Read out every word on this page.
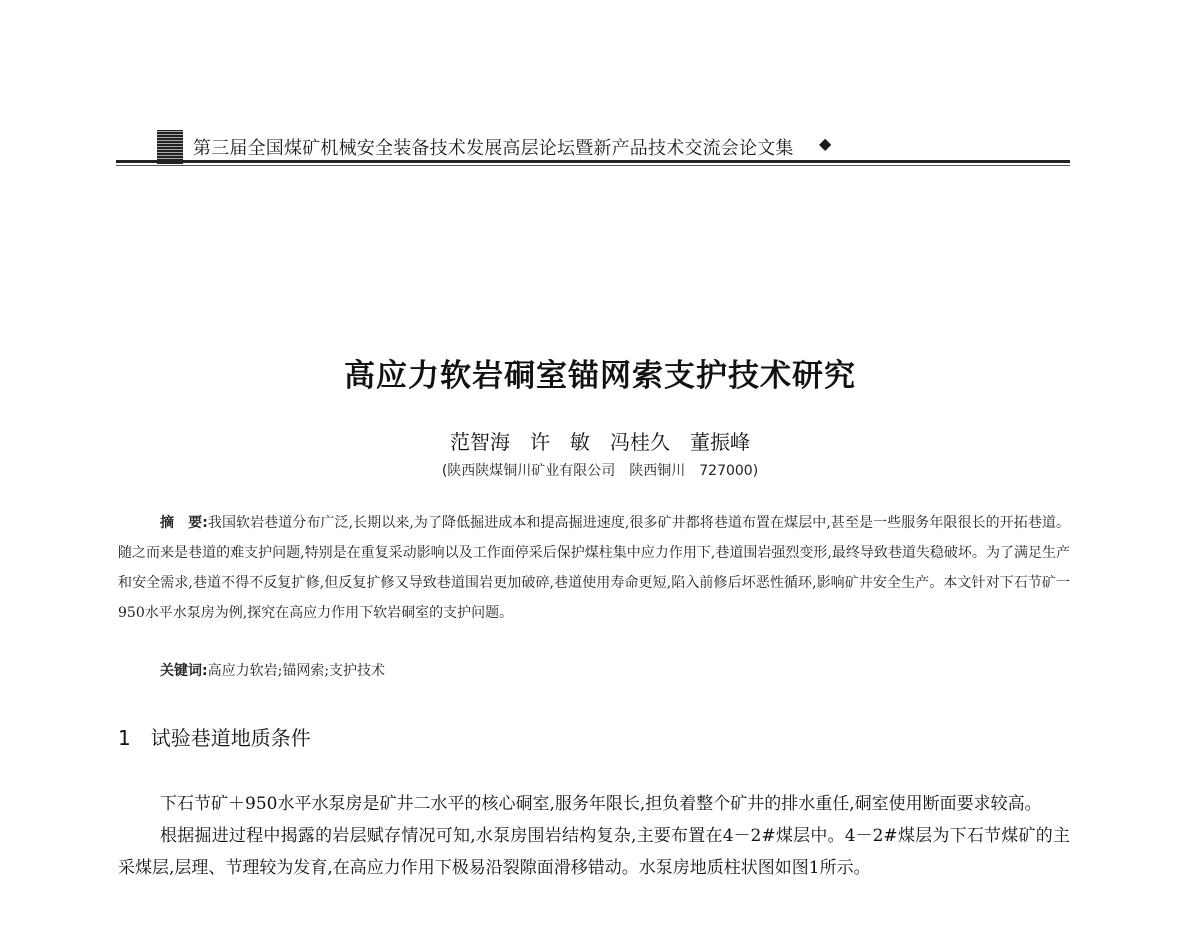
第三届全国煤矿机械安全装备技术发展高层论坛暨新产品技术交流会论文集 ◆
高应力软岩硐室锚网索支护技术研究
范智海　许　敏　冯桂久　董振峰
(陕西陕煤铜川矿业有限公司　陕西铜川　727000)

摘　要:我国软岩巷道分布广泛,长期以来,为了降低掘进成本和提高掘进速度,很多矿井都将巷道布置在煤层中,甚至是一些服务年限很长的开拓巷道。随之而来是巷道的难支护问题,特别是在重复采动影响以及工作面停采后保护煤柱集中应力作用下,巷道围岩强烈变形,最终导致巷道失稳破坏。为了满足生产和安全需求,巷道不得不反复扩修,但反复扩修又导致巷道围岩更加破碎,巷道使用寿命更短,陷入前修后坏恶性循环,影响矿井安全生产。本文针对下石节矿一950水平水泵房为例,探究在高应力作用下软岩硐室的支护问题。

关键词:高应力软岩;锚网索;支护技术
1　 试验巷道地质条件

下石节矿＋950水平水泵房是矿井二水平的核心硐室,服务年限长,担负着整个矿井的排水重任,硐室使用断面要求较高。

根据掘进过程中揭露的岩层赋存情况可知,水泵房围岩结构复杂,主要布置在4－2#煤层中。4－2#煤层为下石节煤矿的主采煤层,层理、节理较为发育,在高应力作用下极易沿裂隙面滑移错动。水泵房地质柱状图如图1所示。
